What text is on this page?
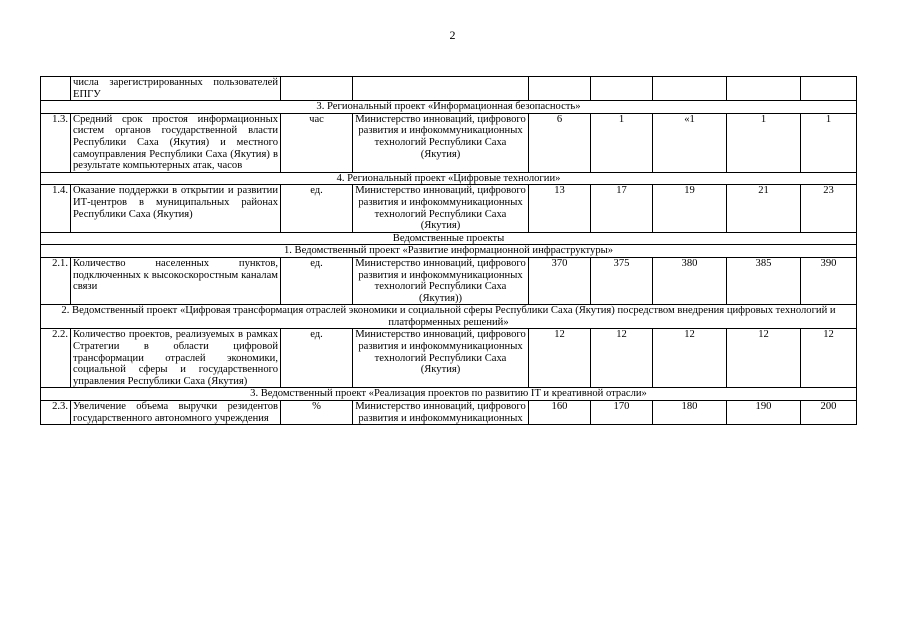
2
	числа зарегистрированных пользователей ЕПГУ							
3. Региональный проект «Информационная безопасность»								
1.3.	Средний срок простоя информационных систем органов государственной власти Республики Саха (Якутия) и местного самоуправления Республики Саха (Якутия) в результате компьютерных атак, часов	час	Министерство инноваций, цифрового развития и инфокоммуникационных технологий Республики Саха (Якутия)	6	1	«1	1	1
4. Региональный проект «Цифровые технологии»								
1.4.	Оказание поддержки в открытии и развитии ИТ-центров в муниципальных районах Республики Саха (Якутия)	ед.	Министерство инноваций, цифрового развития и инфокоммуникационных технологий Республики Саха (Якутия)	13	17	19	21	23
Ведомственные проекты								
1. Ведомственный проект «Развитие информационной инфраструктуры»								
2.1.	Количество населенных пунктов, подключенных к высокоскоростным каналам связи	ед.	Министерство инноваций, цифрового развития и инфокоммуникационных технологий Республики Саха (Якутия))	370	375	380	385	390
2. Ведомственный проект «Цифровая трансформация отраслей экономики и социальной сферы Республики Саха (Якутия) посредством внедрения цифровых технологий и платформенных решений»								
2.2.	Количество проектов, реализуемых в рамках Стратегии в области цифровой трансформации отраслей экономики, социальной сферы и государственного управления Республики Саха (Якутия)	ед.	Министерство инноваций, цифрового развития и инфокоммуникационных технологий Республики Саха (Якутия)	12	12	12	12	12
3. Ведомственный проект «Реализация проектов по развитию IT и креативной отрасли»								
2.3.	Увеличение объема выручки резидентов государственного автономного учреждения	%	Министерство инноваций, цифрового развития и инфокоммуникационных	160	170	180	190	200
